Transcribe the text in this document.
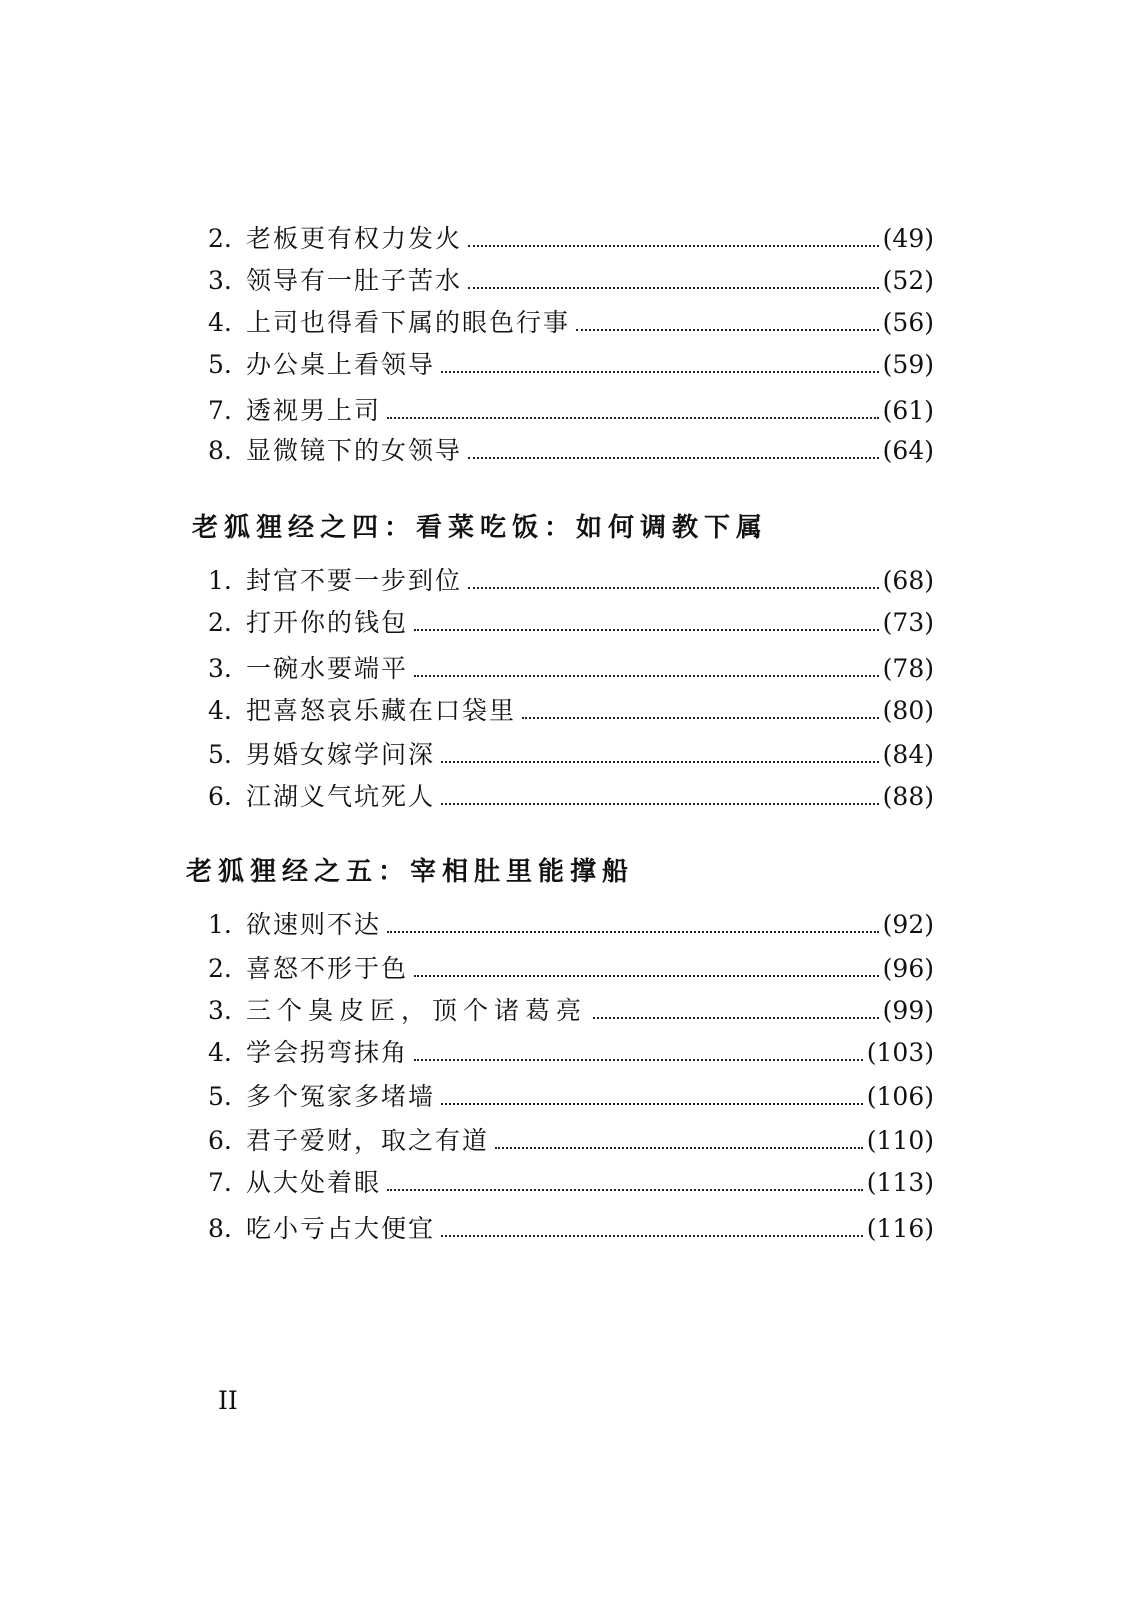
2. 老板更有权力发火	(49)
3. 领导有一肚子苦水	(52)
4. 上司也得看下属的眼色行事	(56)
5. 办公桌上看领导	(59)
7. 透视男上司	(61)
8. 显微镜下的女领导	(64)
老狐狸经之四：看菜吃饭：如何调教下属
1. 封官不要一步到位	(68)
2. 打开你的钱包	(73)
3. 一碗水要端平	(78)
4. 把喜怒哀乐藏在口袋里	(80)
5. 男婚女嫁学问深	(84)
6. 江湖义气坑死人	(88)
老狐狸经之五：宰相肚里能撑船
1. 欲速则不达	(92)
2. 喜怒不形于色	(96)
3. 三个臭皮匠，顶个诸葛亮	(99)
4. 学会拐弯抹角	(103)
5. 多个冤家多堵墙	(106)
6. 君子爱财，取之有道	(110)
7. 从大处着眼	(113)
8. 吃小亏占大便宜	(116)
II
